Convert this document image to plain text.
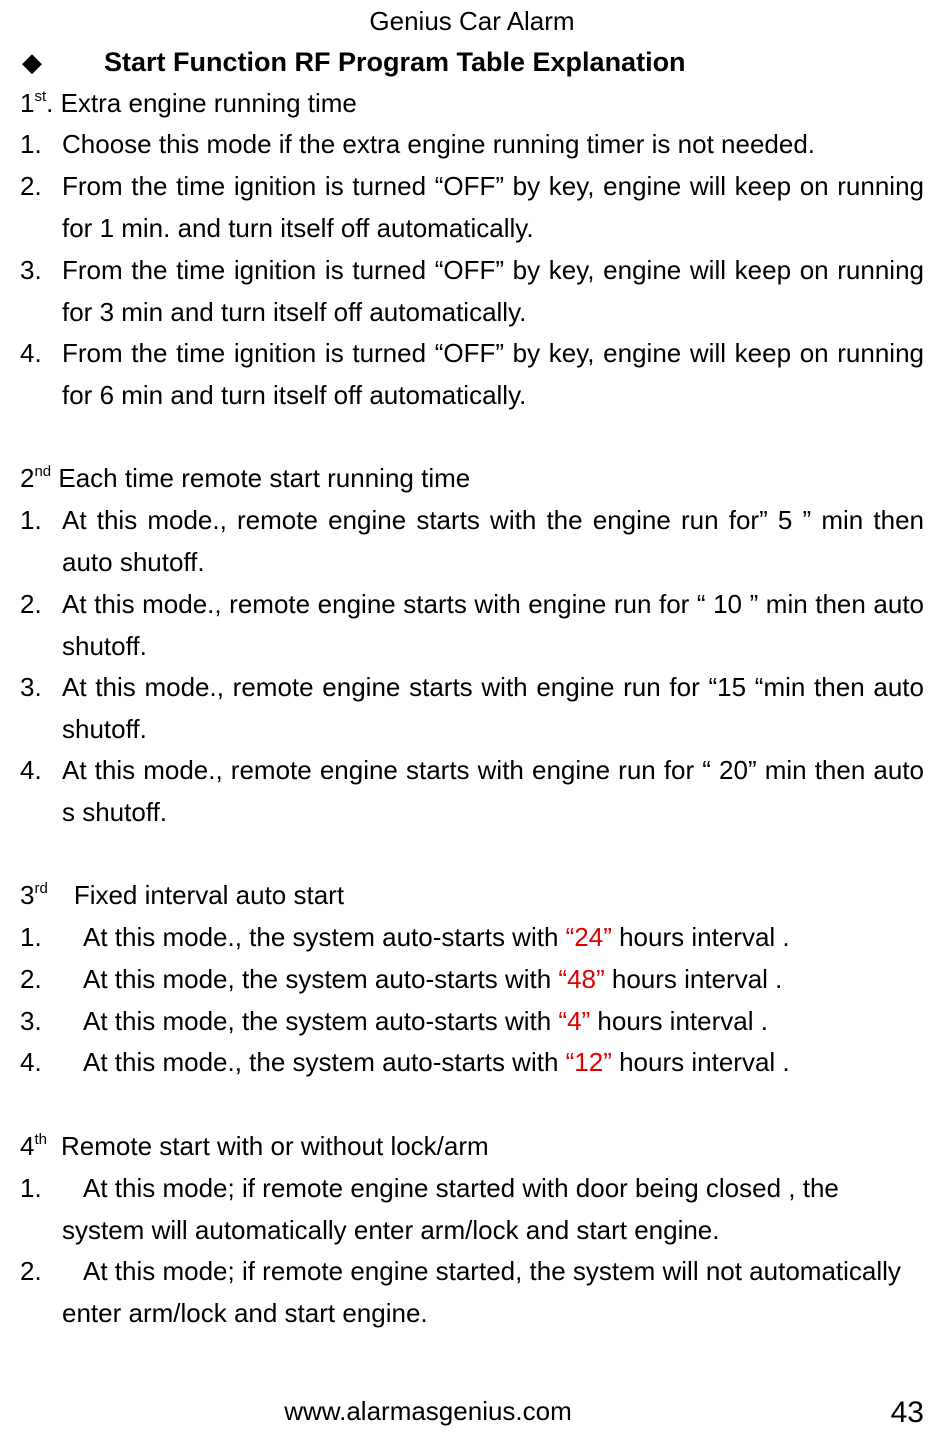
Genius Car Alarm
◆ Start Function RF Program Table Explanation
1st. Extra engine running time
1. Choose this mode if the extra engine running timer is not needed.
2. From the time ignition is turned “OFF” by key, engine will keep on running for 1 min. and turn itself off automatically.
3. From the time ignition is turned “OFF” by key, engine will keep on running for 3 min and turn itself off automatically.
4. From the time ignition is turned “OFF” by key, engine will keep on running for 6 min and turn itself off automatically.
2nd Each time remote start running time
1. At this mode., remote engine starts with the engine run for” 5 ” min then auto shutoff.
2. At this mode., remote engine starts with engine run for “ 10 ” min then auto shutoff.
3. At this mode., remote engine starts with engine run for “15 “min then auto shutoff.
4. At this mode., remote engine starts with engine run for “ 20” min then auto s shutoff.
3rd Fixed interval auto start
1.	At this mode., the system auto-starts with “24” hours interval .
2.	At this mode, the system auto-starts with “48” hours interval .
3.	At this mode, the system auto-starts with “4” hours interval .
4.	At this mode., the system auto-starts with “12” hours interval .
4th Remote start with or without lock/arm
1.	At this mode; if remote engine started with door being closed , the system will automatically enter arm/lock and start engine.
2.	At this mode; if remote engine started, the system will not automatically enter arm/lock and start engine.
www.alarmasgenius.com	43
